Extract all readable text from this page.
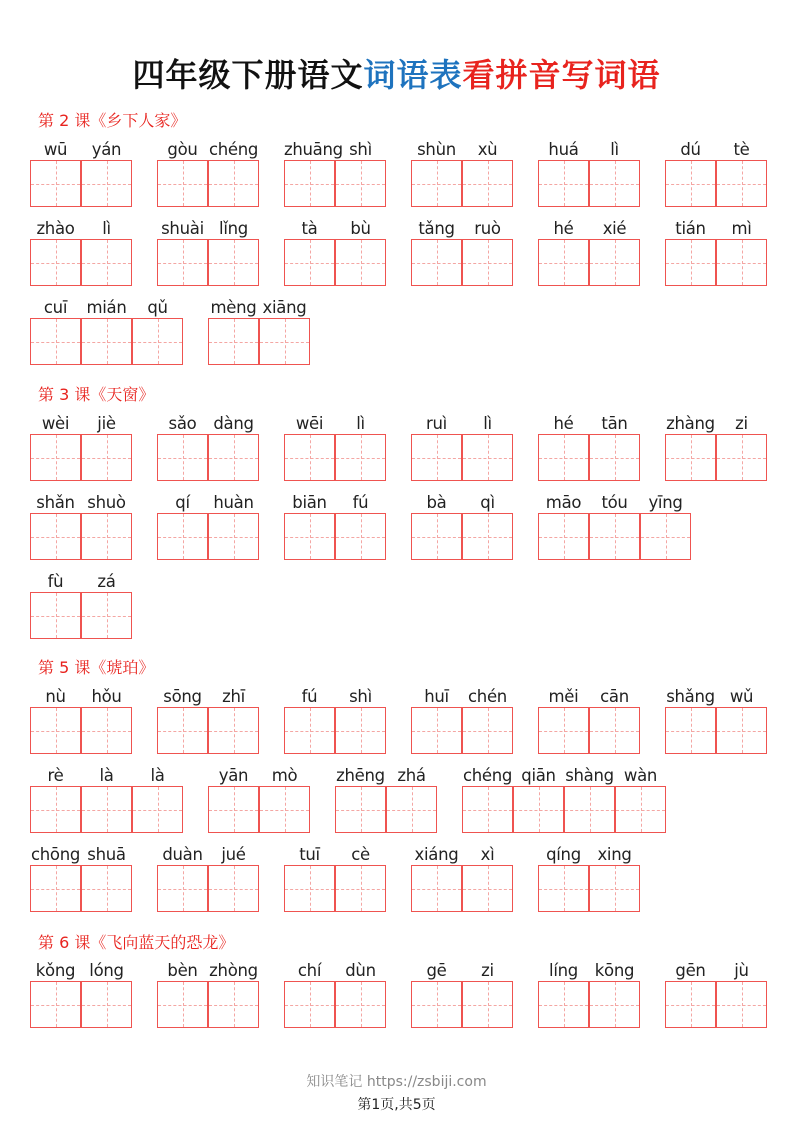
四年级下册语文词语表看拼音写词语
第 2 课《乡下人家》
wū	yán	gòu chéng zhuāng shì	shùn	xù	huá	lì	dú	tè
zhào	lì	shuài lǐng	tà	bù	tǎng	ruò	hé	xié	tián	mì
cuī	mián	qǔ	mèng xiāng
第 3 课《天窗》
wèi	jiè	sǎo	dàng	wēi	lì	ruì	lì	hé	tān	zhàng	zi
shǎn shuò	qí	huàn	biān	fú	bà	qì	māo	tóu	yīng
fù	zá
第 5 课《琥珀》
nù	hǒu	sōng	zhī	fú	shì	huī	chén	měi	cān	shǎng wǔ
rè	là	là	yān	mò	zhēng zhá	chéng qiān shàng wàn
chōng shuā	duàn	jué	tuī	cè	xiáng	xì	qíng	xing
第 6 课《飞向蓝天的恐龙》
kǒng lóng	bèn zhòng	chí	dùn	gē	zi	líng	kōng	gēn	jù
知识笔记 https://zsbiji.com
第1页,共5页
